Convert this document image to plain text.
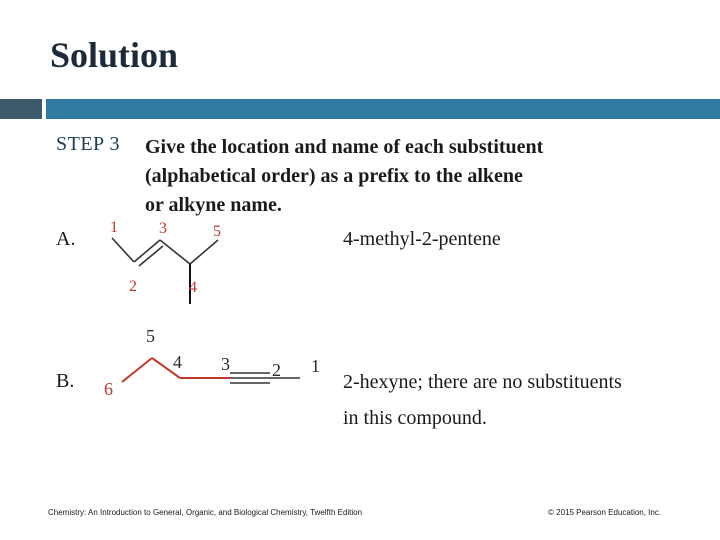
Solution
STEP 3 Give the location and name of each substituent
(alphabetical order) as a prefix to the alkene
or alkyne name.
A.
1
2
3
4
5	4-methyl-2-pentene
B.
5
4 3 2 1
6	2-hexyne; there are no substituents
in this compound.
Chemistry: An Introduction to General, Organic, and Biological Chemistry, Twelfth Edition	© 2015 Pearson Education, Inc.
